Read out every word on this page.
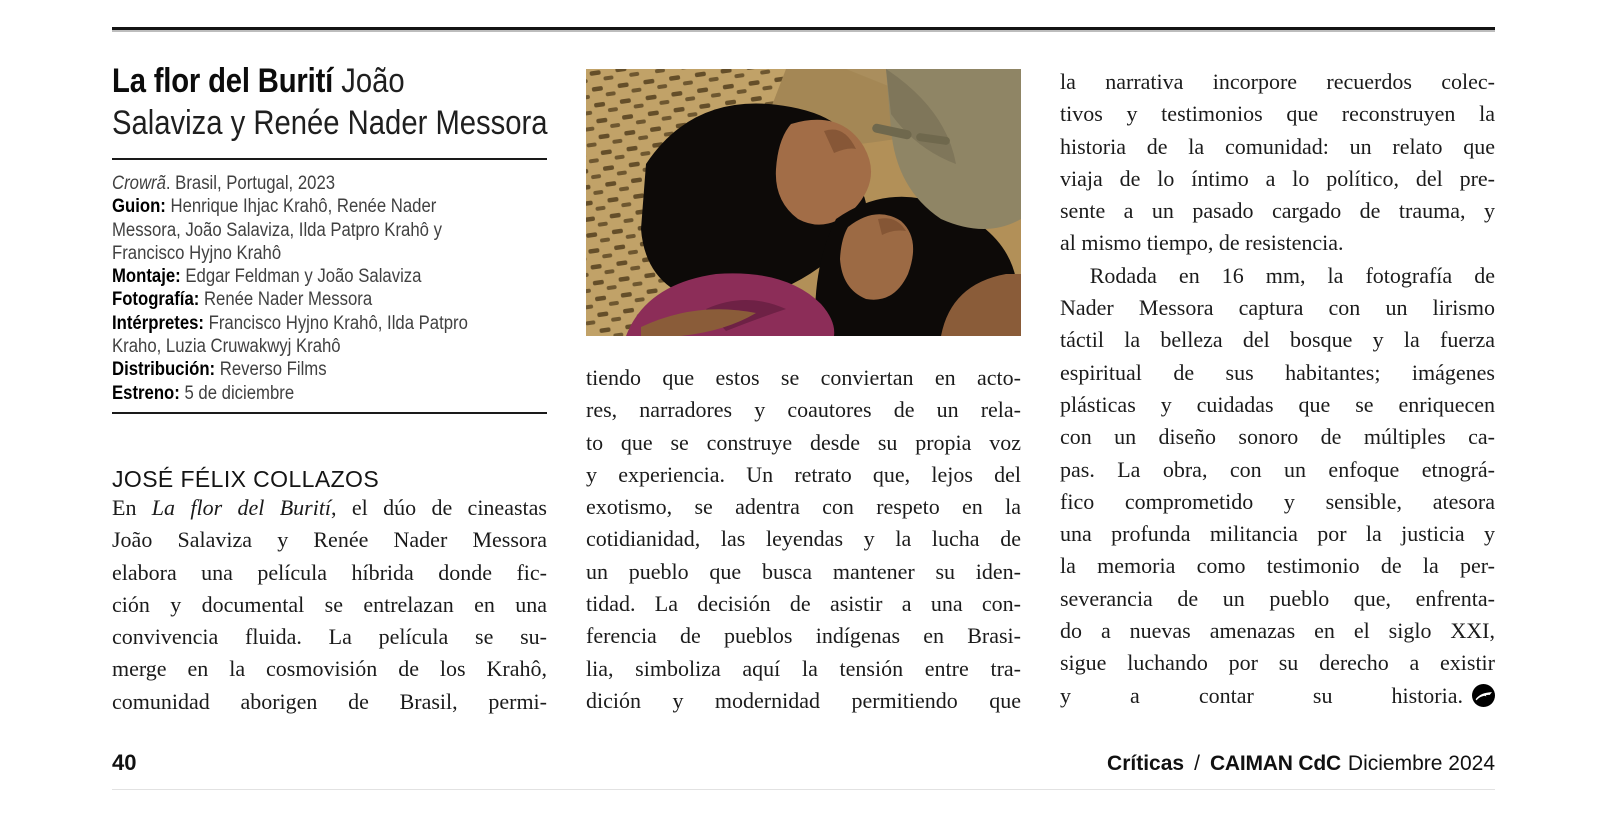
La flor del Burití João
Salaviza y Renée Nader Messora
Crowrã. Brasil, Portugal, 2023
Guion: Henrique Ihjac Krahô, Renée Nader
Messora, João Salaviza, Ilda Patpro Krahô y
Francisco Hyjno Krahô
Montaje: Edgar Feldman y João Salaviza
Fotografía: Renée Nader Messora
Intérpretes: Francisco Hyjno Krahô, Ilda Patpro
Kraho, Luzia Cruwakwyj Krahô
Distribución: Reverso Films
Estreno: 5 de diciembre
JOSÉ FÉLIX COLLAZOS
En La flor del Burití, el dúo de cineastas
João Salaviza y Renée Nader Messora
elabora una película híbrida donde fic-
ción y documental se entrelazan en una
convivencia fluida. La película se su-
merge en la cosmovisión de los Krahô,
comunidad aborigen de Brasil, permi-
tiendo que estos se conviertan en acto-
res, narradores y coautores de un rela-
to que se construye desde su propia voz
y experiencia. Un retrato que, lejos del
exotismo, se adentra con respeto en la
cotidianidad, las leyendas y la lucha de
un pueblo que busca mantener su iden-
tidad. La decisión de asistir a una con-
ferencia de pueblos indígenas en Brasi-
lia, simboliza aquí la tensión entre tra-
dición y modernidad permitiendo que
la narrativa incorpore recuerdos colec-
tivos y testimonios que reconstruyen la
historia de la comunidad: un relato que
viaja de lo íntimo a lo político, del pre-
sente a un pasado cargado de trauma, y
al mismo tiempo, de resistencia.
Rodada en 16 mm, la fotografía de
Nader Messora captura con un lirismo
táctil la belleza del bosque y la fuerza
espiritual de sus habitantes; imágenes
plásticas y cuidadas que se enriquecen
con un diseño sonoro de múltiples ca-
pas. La obra, con un enfoque etnográ-
fico comprometido y sensible, atesora
una profunda militancia por la justicia y
la memoria como testimonio de la per-
severancia de un pueblo que, enfrenta-
do a nuevas amenazas en el siglo XXI,
sigue luchando por su derecho a existir
y a contar su historia.
40	Críticas / CAIMAN CdC Diciembre 2024
